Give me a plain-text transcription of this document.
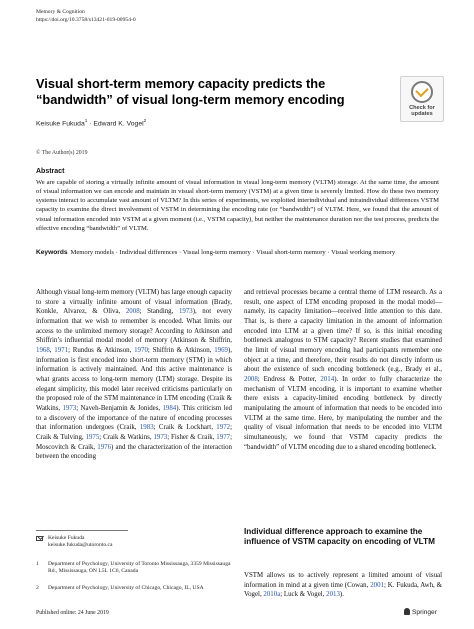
Memory & Cognition
https://doi.org/10.3758/s13421-019-00954-0
Visual short-term memory capacity predicts the “bandwidth” of visual long-term memory encoding
Check for
updates
Keisuke Fukuda$^1$ · Edward K. Vogel$^2$
© The Author(s) 2019
Abstract

We are capable of storing a virtually infinite amount of visual information in visual long-term memory (VLTM) storage. At the same time, the amount of visual information we can encode and maintain in visual short-term memory (VSTM) at a given time is severely limited. How do these two memory systems interact to accumulate vast amount of VLTM? In this series of experiments, we exploited interindividual and intraindividual differences VSTM capacity to examine the direct involvement of VSTM in determining the encoding rate (or “bandwidth”) of VLTM. Here, we found that the amount of visual information encoded into VSTM at a given moment (i.e., VSTM capacity), but neither the maintenance duration nor the test process, predicts the effective encoding “bandwidth” of VLTM.

Keywords Memory models · Individual differences · Visual long-term memory · Visual short-term memory · Visual working memory

Although visual long-term memory (VLTM) has large enough capacity to store a virtually infinite amount of visual information (Brady, Konkle, Alvarez, & Oliva, 2008; Standing, 1973), not every information that we wish to remember is encoded. What limits our access to the unlimited memory storage? According to Atkinson and Shiffrin’s influential modal model of memory (Atkinson & Shiffrin, 1968, 1971; Rundus & Atkinson, 1970; Shiffrin & Atkinson, 1969), information is first encoded into short-term memory (STM) in which information is actively maintained. And this active maintenance is what grants access to long-term memory (LTM) storage. Despite its elegant simplicity, this model later received criticisms particularly on the proposed role of the STM maintenance in LTM encoding (Craik & Watkins, 1973; Naveh-Benjamin & Jonides, 1984). This criticism led to a discovery of the importance of the nature of encoding processes that information undergoes (Craik, 1983; Craik & Lockhart, 1972; Craik & Tulving, 1975; Craik & Watkins, 1973; Fisher & Craik, 1977; Moscovitch & Craik, 1976) and the characterization of the interaction between the encoding

and retrieval processes became a central theme of LTM research. As a result, one aspect of LTM encoding proposed in the modal model—namely, its capacity limitation—received little attention to this date. That is, is there a capacity limitation in the amount of information encoded into LTM at a given time? If so, is this initial encoding bottleneck analogous to STM capacity? Recent studies that examined the limit of visual memory encoding had participants remember one object at a time, and therefore, their results do not directly inform us about the existence of such encoding bottleneck (e.g., Brady et al., 2008; Endress & Potter, 2014). In order to fully characterize the mechanism of VLTM encoding, it is important to examine whether there exists a capacity-limited encoding bottleneck by directly manipulating the amount of information that needs to be encoded into VLTM at the same time. Here, by manipulating the number and the quality of visual information that needs to be encoded into VLTM simultaneously, we found that VSTM capacity predicts the “bandwidth” of VLTM encoding due to a shared encoding bottleneck.

Keisuke Fukuda
keisuke.fukuda@utoronto.ca
1 Department of Psychology, University of Toronto Mississauga, 3359 Mississauga Rd., Mississauga, ON L5L 1C6, Canada
2 Department of Psychology, University of Chicago, Chicago, IL, USA
Individual difference approach to examine the influence of VSTM capacity on encoding of VLTM

VSTM allows us to actively represent a limited amount of visual information in mind at a given time (Cowan, 2001; K. Fukuda, Awh, & Vogel, 2010a; Luck & Vogel, 2013).

Published online: 24 June 2019	Springer
